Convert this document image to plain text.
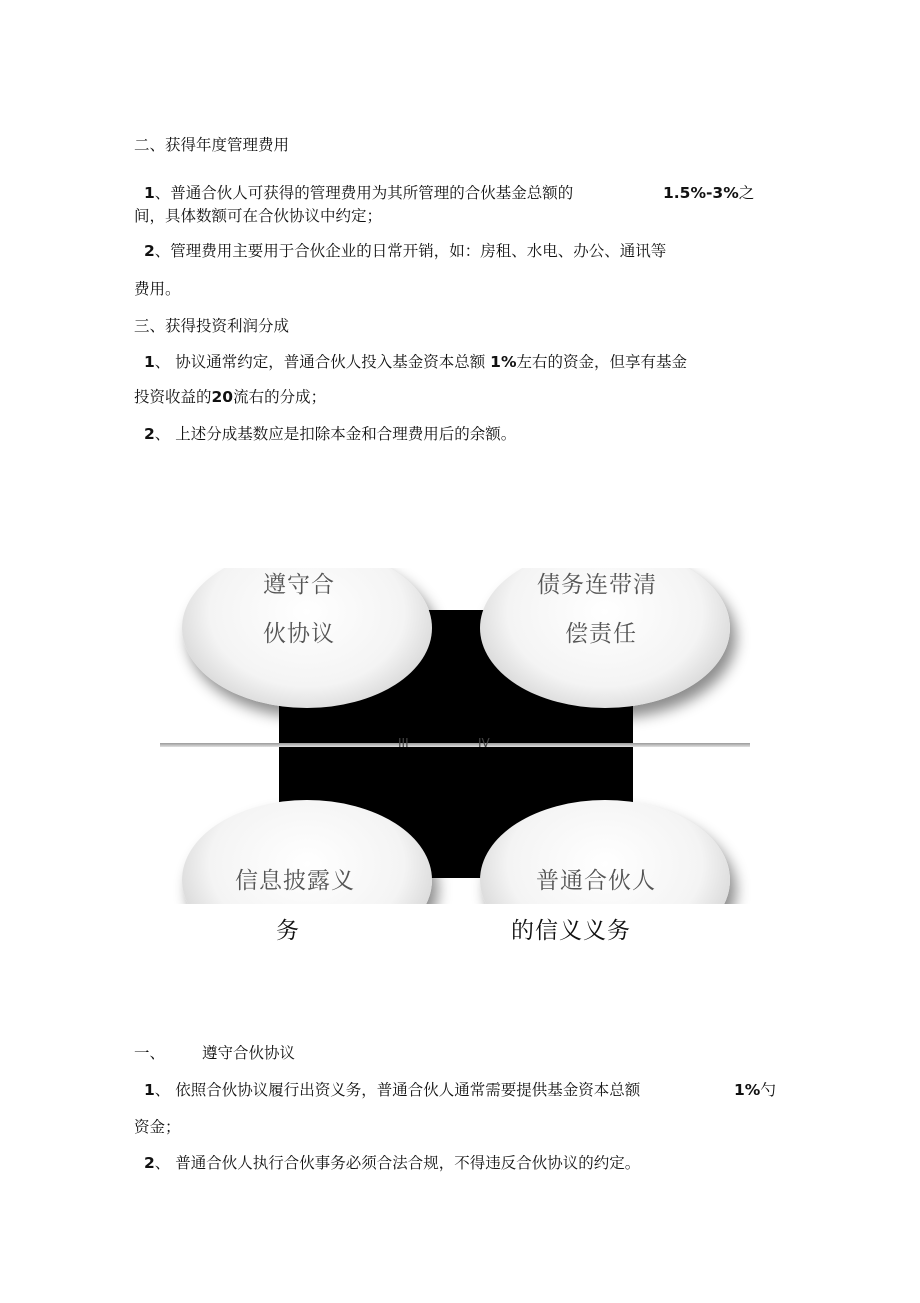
二、获得年度管理费用
1、普通合伙人可获得的管理费用为其所管理的合伙基金总额的	1.5%-3%之
间，具体数额可在合伙协议中约定；
2、管理费用主要用于合伙企业的日常开销，如：房租、水电、办公、通讯等
费用。
三、获得投资利润分成
1、 协议通常约定，普通合伙人投入基金资本总额 1%左右的资金，但享有基金
投资收益的20流右的分成；
2、 上述分成基数应是扣除本金和合理费用后的余额。
III	IV
遵守合
伙协议
债务连带清
偿责任
信息披露义	普通合伙人
务	的信义义务
一、 遵守合伙协议
1、 依照合伙协议履行出资义务，普通合伙人通常需要提供基金资本总额	1%勺
资金；
2、 普通合伙人执行合伙事务必须合法合规，不得违反合伙协议的约定。
